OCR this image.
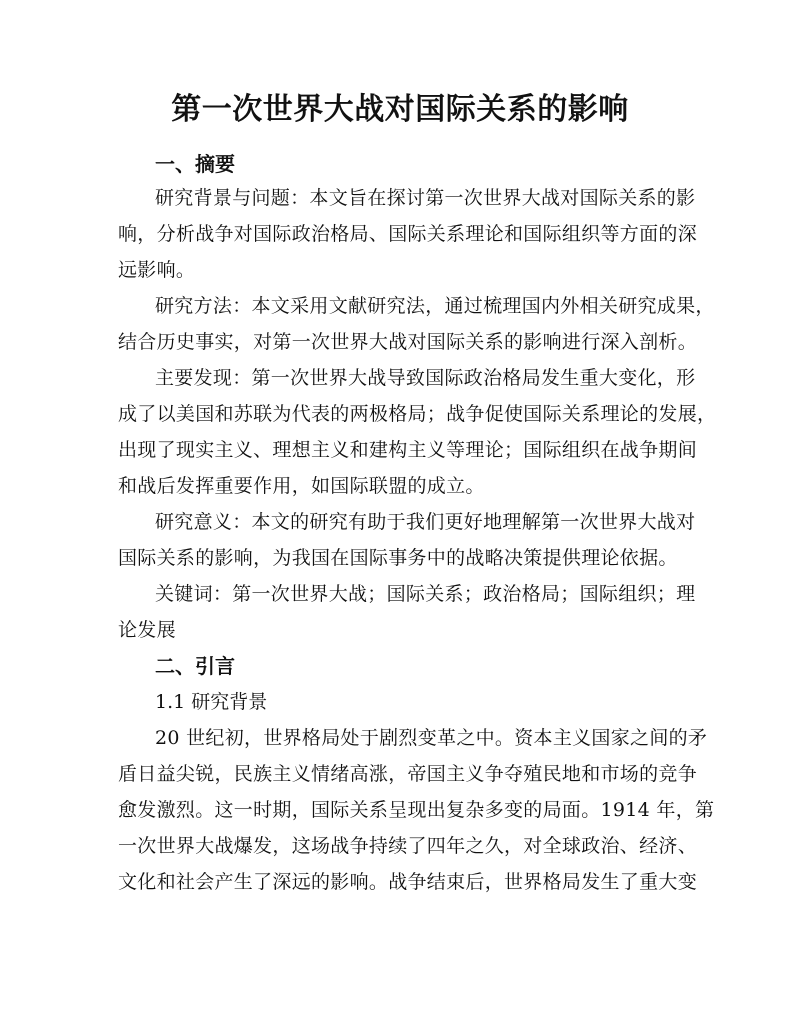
第一次世界大战对国际关系的影响
一、摘要
研究背景与问题：本文旨在探讨第一次世界大战对国际关系的影
响，分析战争对国际政治格局、国际关系理论和国际组织等方面的深
远影响。
研究方法：本文采用文献研究法，通过梳理国内外相关研究成果，
结合历史事实，对第一次世界大战对国际关系的影响进行深入剖析。
主要发现：第一次世界大战导致国际政治格局发生重大变化，形
成了以美国和苏联为代表的两极格局；战争促使国际关系理论的发展，
出现了现实主义、理想主义和建构主义等理论；国际组织在战争期间
和战后发挥重要作用，如国际联盟的成立。
研究意义：本文的研究有助于我们更好地理解第一次世界大战对
国际关系的影响，为我国在国际事务中的战略决策提供理论依据。
关键词：第一次世界大战；国际关系；政治格局；国际组织；理
论发展
二、引言
1.1 研究背景
20 世纪初，世界格局处于剧烈变革之中。资本主义国家之间的矛
盾日益尖锐，民族主义情绪高涨，帝国主义争夺殖民地和市场的竞争
愈发激烈。这一时期，国际关系呈现出复杂多变的局面。1914 年，第
一次世界大战爆发，这场战争持续了四年之久，对全球政治、经济、
文化和社会产生了深远的影响。战争结束后，世界格局发生了重大变
